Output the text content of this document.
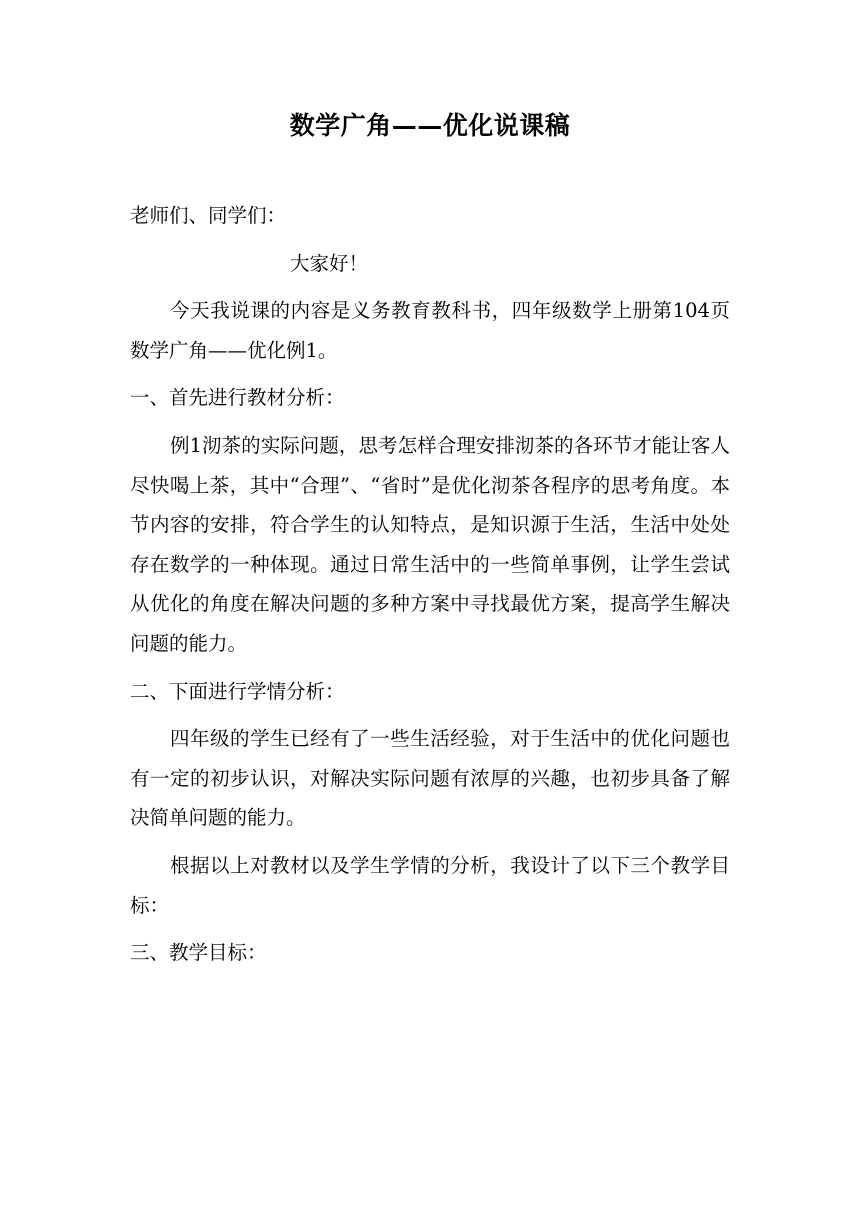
数学广角——优化说课稿

老师们、同学们：

大家好！

今天我说课的内容是义务教育教科书，四年级数学上册第104页数学广角——优化例1。

一、首先进行教材分析：

例1沏茶的实际问题，思考怎样合理安排沏茶的各环节才能让客人尽快喝上茶，其中“合理”、“省时”是优化沏茶各程序的思考角度。本节内容的安排，符合学生的认知特点，是知识源于生活，生活中处处存在数学的一种体现。通过日常生活中的一些简单事例，让学生尝试从优化的角度在解决问题的多种方案中寻找最优方案，提高学生解决问题的能力。

二、下面进行学情分析：

四年级的学生已经有了一些生活经验，对于生活中的优化问题也有一定的初步认识，对解决实际问题有浓厚的兴趣，也初步具备了解决简单问题的能力。

根据以上对教材以及学生学情的分析，我设计了以下三个教学目标：

三、教学目标：
